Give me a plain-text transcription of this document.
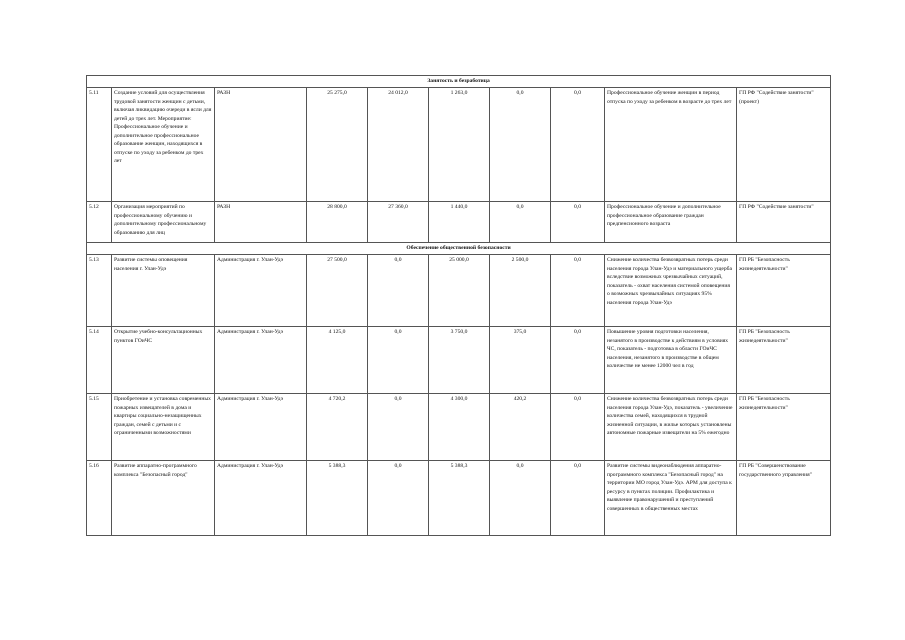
Занятость и безработица									
5.11	Создание условий для осуществления трудовой занятости женщин с детьми, включая ликвидацию очереди в ясли для детей до трех лет. Мероприятие: Профессиональное обучение и дополнительное профессиональное образование женщин, находящихся в отпуске по уходу за ребенком до трех лет	РАЗН	25 275,0	24 012,0	1 263,0	0,0	0,0	Профессиональное обучение женщин в период отпуска по уходу за ребенком в возрасте до трех лет	ГП РФ "Содействие занятости" (проект)
5.12	Организация мероприятий по профессиональному обучению и дополнительному профессиональному образованию для лиц	РАЗН	28 800,0	27 360,0	1 440,0	0,0	0,0	Профессиональное обучение и дополнительное профессиональное образование граждан предпенсионного возраста	ГП РФ "Содействие занятости"
Обеспечение общественной безопасности									
5.13	Развитие системы оповещения населения г. Улан-Удэ	Администрация г. Улан-Удэ	27 500,0	0,0	25 000,0	2 500,0	0,0	Снижение количества безвозвратных потерь среди населения города Улан-Удэ и материального ущерба вследствие возможных чрезвычайных ситуаций, показатель - охват населения системой оповещения о возможных чрезвычайных ситуациях 95% населения города Улан-Удэ	ГП РБ "Безопасность жизнедеятельности"
5.14	Открытие учебно-консультационных пунктов ГОиЧС	Администрация г. Улан-Удэ	4 125,0	0,0	3 750,0	375,0	0,0	Повышение уровня подготовки населения, незанятого в производстве к действиям в условиях ЧС, показатель - подготовка в области ГОиЧС населения, незанятого в производстве в общем количестве не менее 12000 чел в год	ГП РБ "Безопасность жизнедеятельности"
5.15	Приобретение и установка современных пожарных извещателей в дома и квартиры социально-незащищенных граждан, семей с детьми и с ограниченными возможностями	Администрация г. Улан-Удэ	4 720,2	0,0	4 300,0	420,2	0,0	Снижение количества безвозвратных потерь среди населения города Улан-Удэ, показатель - увеличение количества семей, находящихся в трудной жизненной ситуации, в жилье которых установлены автономные пожарные извещатели на 5% ежегодно	ГП РБ "Безопасность жизнедеятельности"
5.16	Развитие аппаратно-программного комплекса "Безопасный город"	Администрация г. Улан-Удэ	5 388,3	0,0	5 388,3	0,0	0,0	Развитие системы видеонаблюдения аппаратно-программного комплекса "Безопасный город" на территории МО город Улан-Удэ. АРМ для доступа к ресурсу в пунктах полиции. Профилактика и выявление правонарушений и преступлений совершенных в общественных местах	ГП РБ "Совершенствование государственного управления"
